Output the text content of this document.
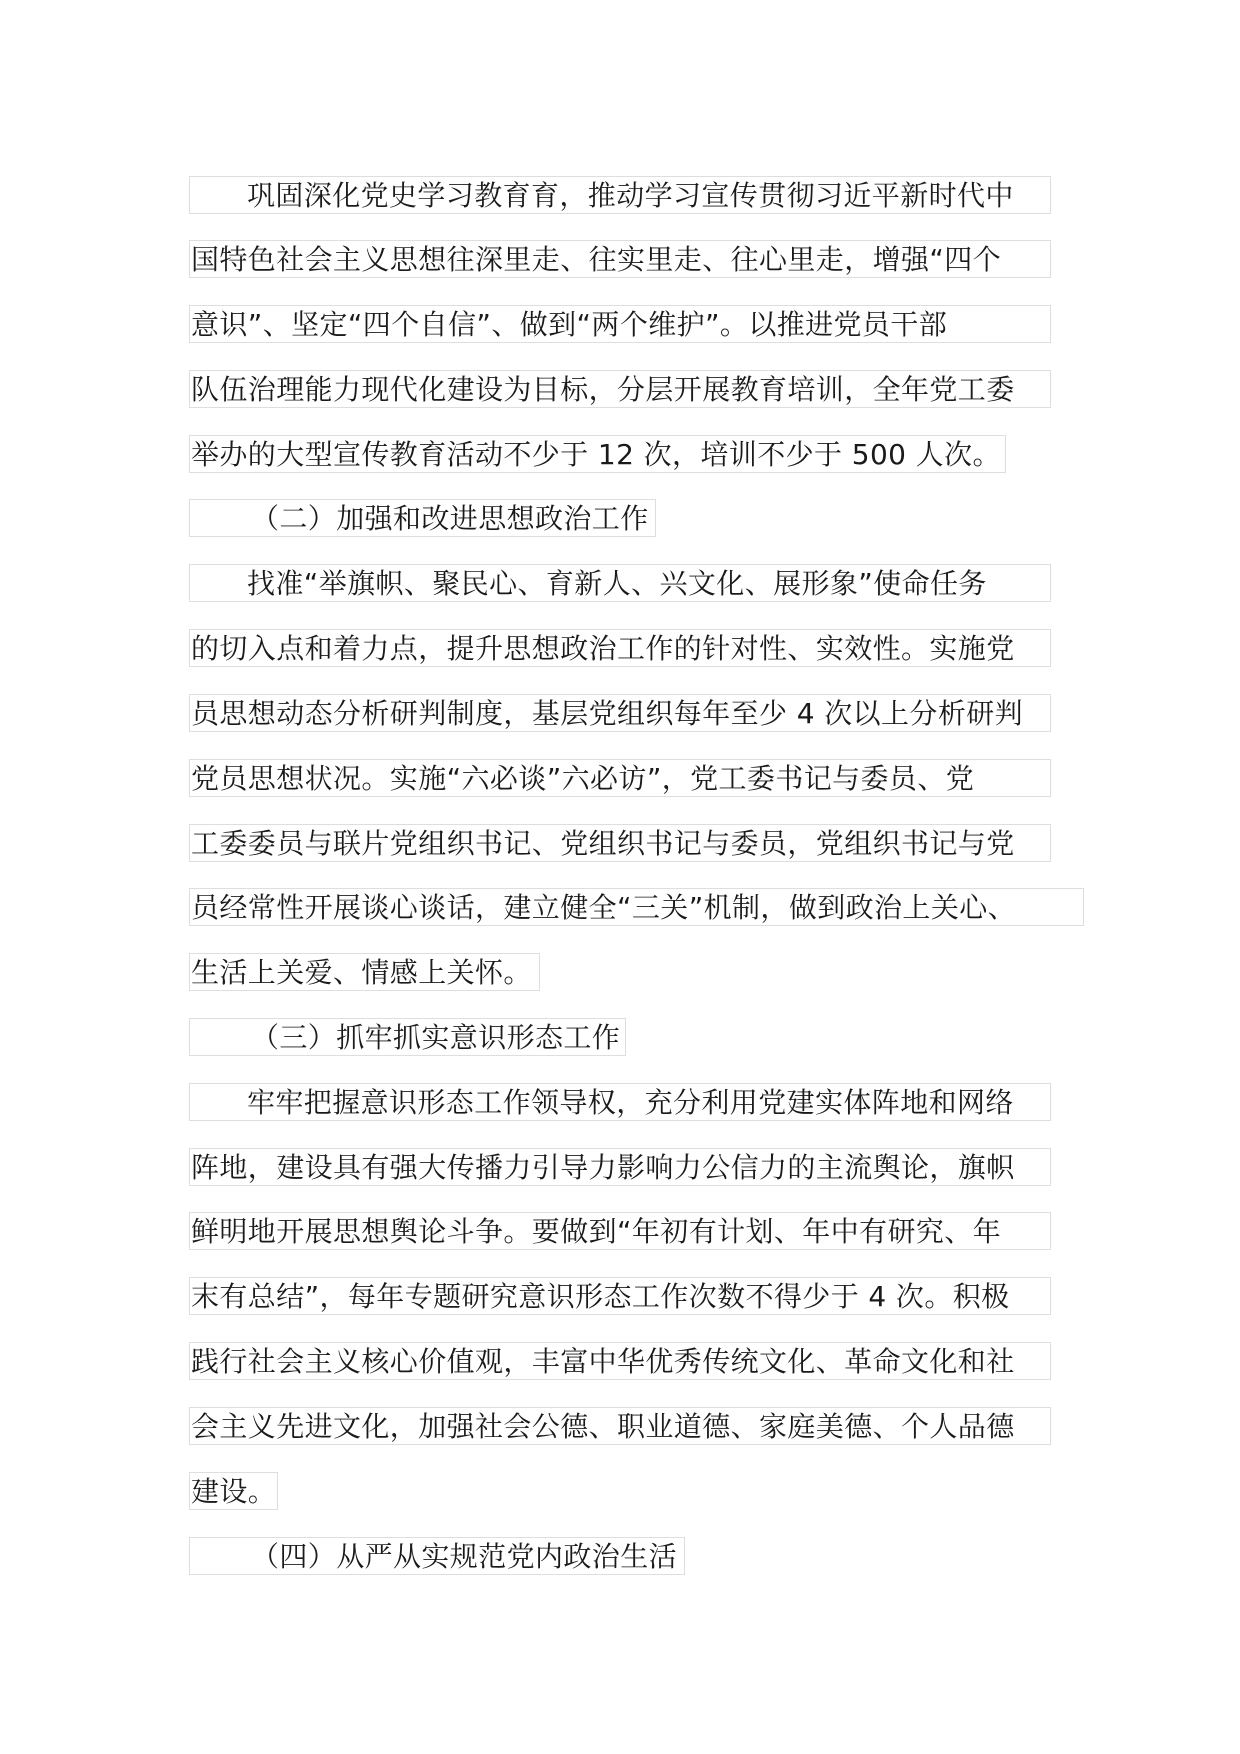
巩固深化党史学习教育育，推动学习宣传贯彻习近平新时代中
国特色社会主义思想往深里走、往实里走、往心里走，增强“四个
意识”、坚定“四个自信”、做到“两个维护”。以推进党员干部
队伍治理能力现代化建设为目标，分层开展教育培训，全年党工委
举办的大型宣传教育活动不少于 12 次，培训不少于 500 人次。
（二）加强和改进思想政治工作
找准“举旗帜、聚民心、育新人、兴文化、展形象”使命任务
的切入点和着力点，提升思想政治工作的针对性、实效性。实施党
员思想动态分析研判制度，基层党组织每年至少 4 次以上分析研判
党员思想状况。实施“六必谈”六必访”，党工委书记与委员、党
工委委员与联片党组织书记、党组织书记与委员，党组织书记与党
员经常性开展谈心谈话，建立健全“三关”机制，做到政治上关心、
生活上关爱、情感上关怀。
（三）抓牢抓实意识形态工作
牢牢把握意识形态工作领导权，充分利用党建实体阵地和网络
阵地，建设具有强大传播力引导力影响力公信力的主流舆论，旗帜
鲜明地开展思想舆论斗争。要做到“年初有计划、年中有研究、年
末有总结”，每年专题研究意识形态工作次数不得少于 4 次。积极
践行社会主义核心价值观，丰富中华优秀传统文化、革命文化和社
会主义先进文化，加强社会公德、职业道德、家庭美德、个人品德
建设。
（四）从严从实规范党内政治生活
